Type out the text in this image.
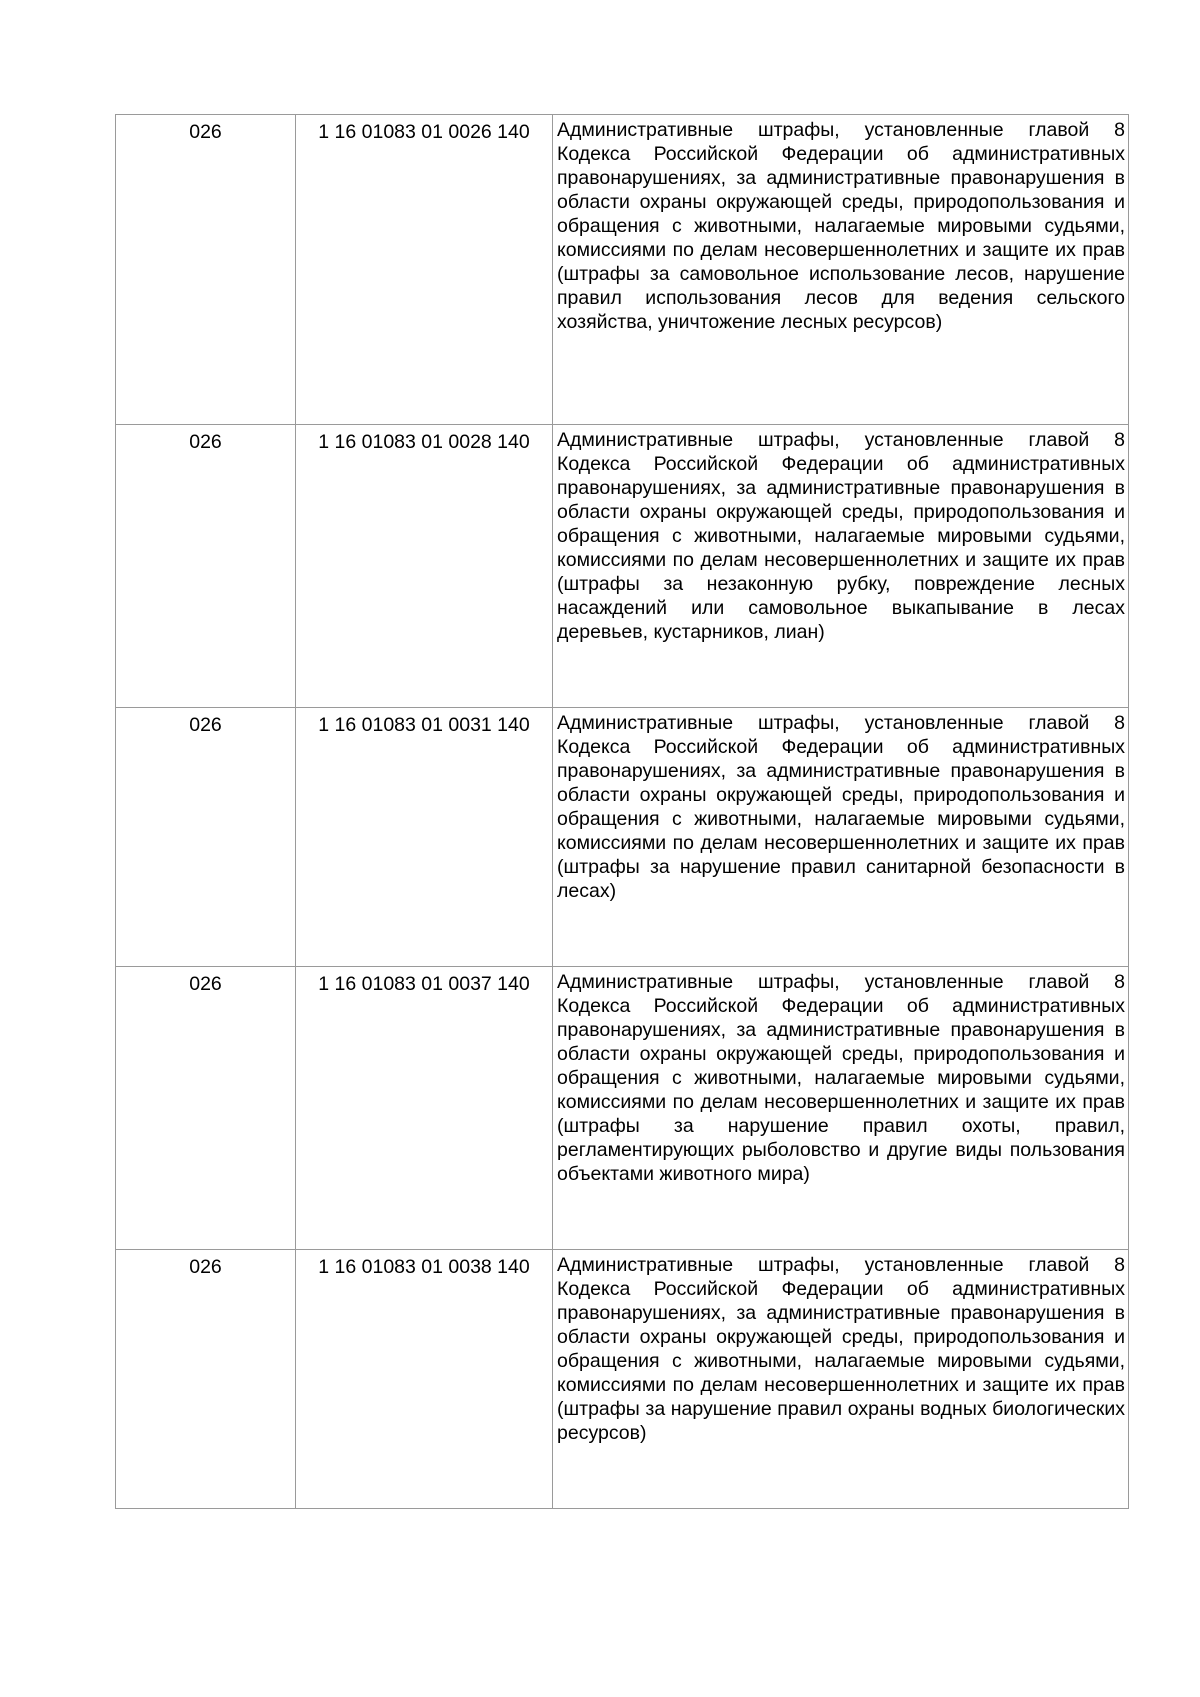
026	1 16 01083 01 0026 140	Административные штрафы, установленные главой 8 Кодекса Российской Федерации об административных правонарушениях, за административные правонарушения в области охраны окружающей среды, природопользования и обращения с животными, налагаемые мировыми судьями, комиссиями по делам несовершеннолетних и защите их прав (штрафы за самовольное использование лесов, нарушение правил использования лесов для ведения сельского хозяйства, уничтожение лесных ресурсов)
026	1 16 01083 01 0028 140	Административные штрафы, установленные главой 8 Кодекса Российской Федерации об административных правонарушениях, за административные правонарушения в области охраны окружающей среды, природопользования и обращения с животными, налагаемые мировыми судьями, комиссиями по делам несовершеннолетних и защите их прав (штрафы за незаконную рубку, повреждение лесных насаждений или самовольное выкапывание в лесах деревьев, кустарников, лиан)
026	1 16 01083 01 0031 140	Административные штрафы, установленные главой 8 Кодекса Российской Федерации об административных правонарушениях, за административные правонарушения в области охраны окружающей среды, природопользования и обращения с животными, налагаемые мировыми судьями, комиссиями по делам несовершеннолетних и защите их прав (штрафы за нарушение правил санитарной безопасности в лесах)
026	1 16 01083 01 0037 140	Административные штрафы, установленные главой 8 Кодекса Российской Федерации об административных правонарушениях, за административные правонарушения в области охраны окружающей среды, природопользования и обращения с животными, налагаемые мировыми судьями, комиссиями по делам несовершеннолетних и защите их прав (штрафы за нарушение правил охоты, правил, регламентирующих рыболовство и другие виды пользования объектами животного мира)
026	1 16 01083 01 0038 140	Административные штрафы, установленные главой 8 Кодекса Российской Федерации об административных правонарушениях, за административные правонарушения в области охраны окружающей среды, природопользования и обращения с животными, налагаемые мировыми судьями, комиссиями по делам несовершеннолетних и защите их прав (штрафы за нарушение правил охраны водных биологических ресурсов)
